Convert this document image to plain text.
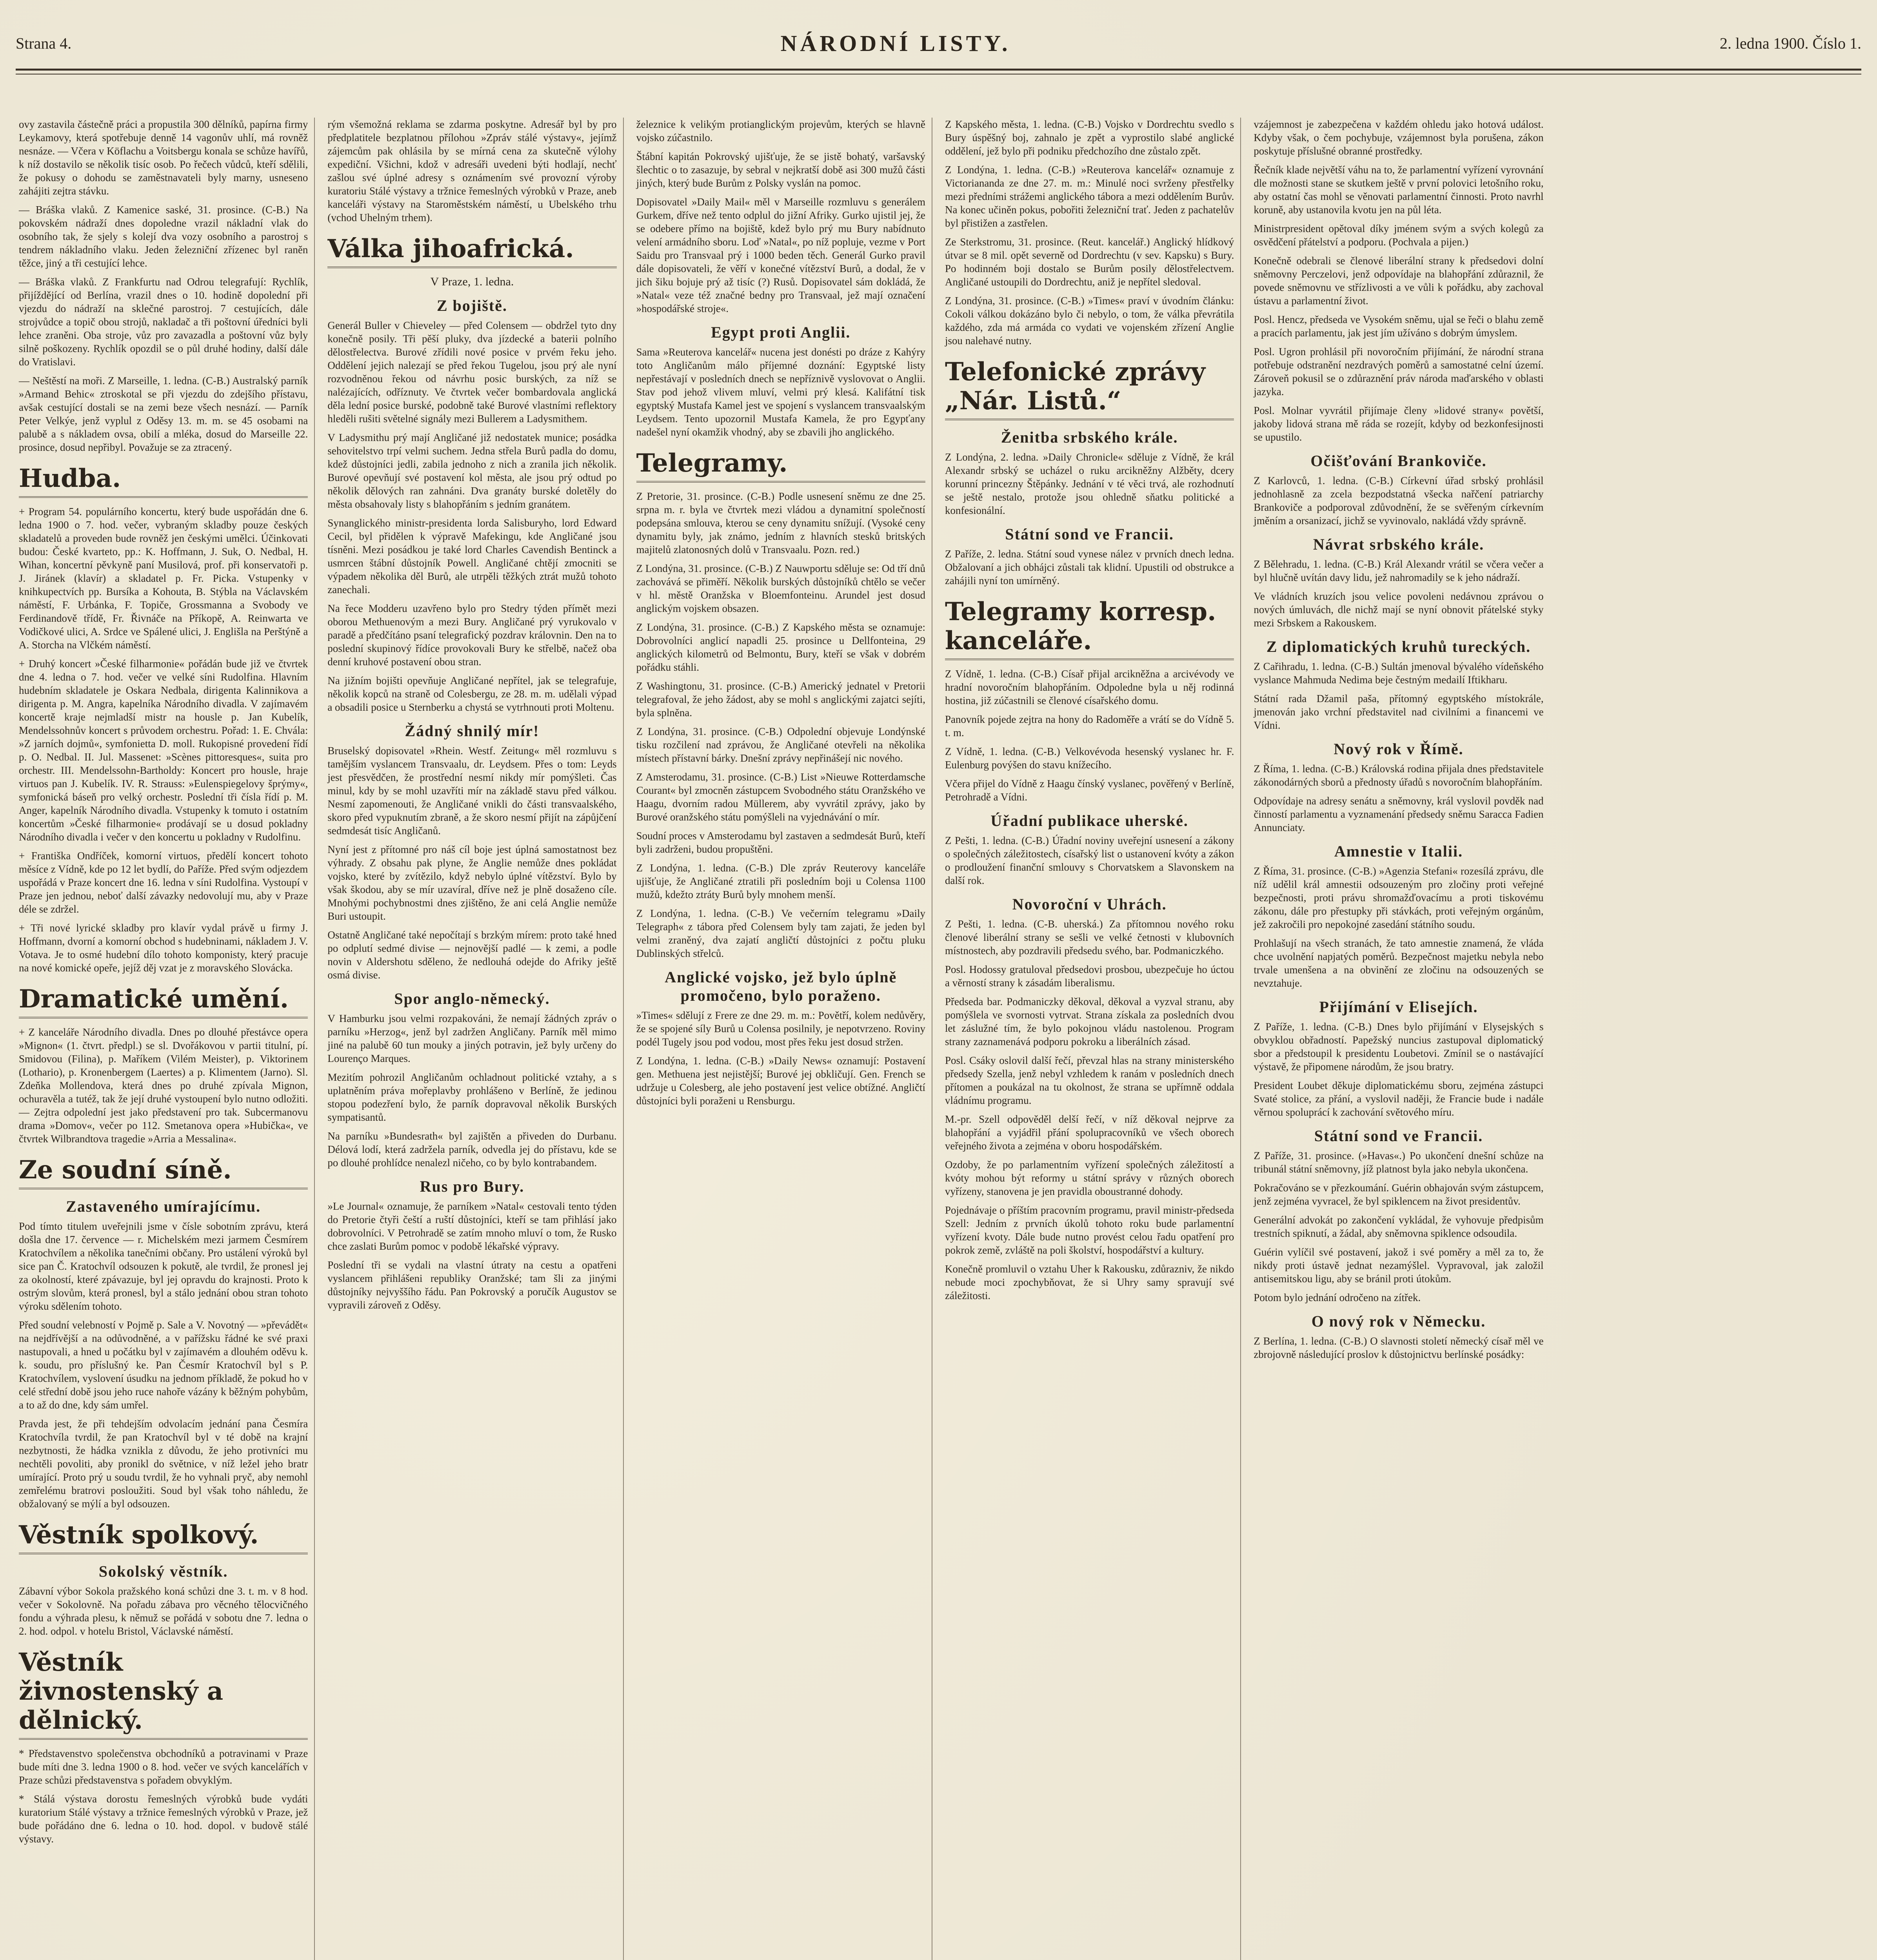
Strana 4.	NÁRODNÍ LISTY.	2. ledna 1900. Číslo 1.

ovy zastavila částečně práci a propustila 300 dělníků, papírna firmy Leykamovy, která spotřebuje denně 14 vagonův uhlí, má rovněž nesnáze. — Včera v Köflachu a Voitsbergu konala se schůze havířů, k níž dostavilo se několik tisíc osob. Po řečech vůdců, kteří sdělili, že pokusy o dohodu se zaměstnavateli byly marny, usneseno zahájiti zejtra stávku.

— Bráška vlaků. Z Kamenice saské, 31. prosince. (C-B.) Na pokovském nádraží dnes dopoledne vrazil nákladní vlak do osobního tak, že sjely s kolejí dva vozy osobního a parostroj s tendrem nákladního vlaku. Jeden železniční zřízenec byl raněn těžce, jiný a tři cestující lehce.

— Bráška vlaků. Z Frankfurtu nad Odrou telegrafují: Rychlík, přijíždějící od Berlína, vrazil dnes o 10. hodině dopolední při vjezdu do nádraží na sklečné parostroj. 7 cestujících, dále strojvůdce a topič obou strojů, nakladač a tři poštovní úředníci byli lehce zraněni. Oba stroje, vůz pro zavazadla a poštovní vůz byly silně poškozeny. Rychlík opozdil se o půl druhé hodiny, další dále do Vratislavi.

— Neštěstí na moři. Z Marseille, 1. ledna. (C-B.) Australský parník »Armand Behic« ztroskotal se při vjezdu do zdejšího přístavu, avšak cestující dostali se na zemi beze všech nesnází. — Parník Peter Velkýe, jenž vyplul z Oděsy 13. m. m. se 45 osobami na palubě a s nákladem ovsa, obilí a mléka, dosud do Marseille 22. prosince, dosud nepřibyl. Považuje se za ztracený.

Hudba.

+ Program 54. populárního koncertu, který bude uspořádán dne 6. ledna 1900 o 7. hod. večer, vybraným skladby pouze českých skladatelů a proveden bude rovněž jen českými umělci. Účinkovati budou: České kvarteto, pp.: K. Hoffmann, J. Suk, O. Nedbal, H. Wihan, koncertní pěvkyně paní Musilová, prof. při konservatoři p. J. Jiránek (klavír) a skladatel p. Fr. Picka. Vstupenky v knihkupectvích pp. Bursíka a Kohouta, B. Stýbla na Václavském náměstí, F. Urbánka, F. Topiče, Grossmanna a Svobody ve Ferdinandově třídě, Fr. Řivnáče na Příkopě, A. Reinwarta ve Vodičkové ulici, A. Srdce ve Spálené ulici, J. Englišla na Perštýně a A. Storcha na Vlčkém náměstí.

+ Druhý koncert »České filharmonie« pořádán bude již ve čtvrtek dne 4. ledna o 7. hod. večer ve velké síni Rudolfina. Hlavním hudebním skladatele je Oskara Nedbala, dirigenta Kalinnikova a dirigenta p. M. Angra, kapelníka Národního divadla. V zajímavém koncertě kraje nejmladší mistr na housle p. Jan Kubelík, Mendelssohnův koncert s průvodem orchestru. Pořad: 1. E. Chvála: »Z jarních dojmů«, symfonietta D. moll. Rukopisné provedení řídí p. O. Nedbal. II. Jul. Massenet: »Scènes pittoresques«, suita pro orchestr. III. Mendelssohn-Bartholdy: Koncert pro housle, hraje virtuos pan J. Kubelík. IV. R. Strauss: »Eulenspiegelovy šprýmy«, symfonická báseň pro velký orchestr. Poslední tři čísla řídí p. M. Anger, kapelník Národního divadla. Vstupenky k tomuto i ostatním koncertům »České filharmonie« prodávají se u dosud pokladny Národního divadla i večer v den koncertu u pokladny v Rudolfinu.

+ Františka Ondříček, komorní virtuos, předělí koncert tohoto měsíce z Vídně, kde po 12 let bydlí, do Paříže. Před svým odjezdem uspořádá v Praze koncert dne 16. ledna v síni Rudolfina. Vystoupí v Praze jen jednou, neboť další závazky nedovolují mu, aby v Praze déle se zdržel.

+ Tři nové lyrické skladby pro klavír vydal právě u firmy J. Hoffmann, dvorní a komorní obchod s hudebninami, nákladem J. V. Votava. Je to osmé hudební dílo tohoto komponisty, který pracuje na nové komické opeře, jejíž děj vzat je z moravského Slovácka.

Dramatické umění.

+ Z kanceláře Národního divadla. Dnes po dlouhé přestávce opera »Mignon« (1. čtvrt. předpl.) se sl. Dvořákovou v partii titulní, pí. Smidovou (Filina), p. Maříkem (Vilém Meister), p. Viktorinem (Lothario), p. Kronenbergem (Laertes) a p. Klimentem (Jarno). Sl. Zdeňka Mollendova, která dnes po druhé zpívala Mignon, ochuravěla a tutéž, tak že její druhé vystoupení bylo nutno odložiti. — Zejtra odpolední jest jako představení pro tak. Subcermanovu drama »Domov«, večer po 112. Smetanova opera »Hubička«, ve čtvrtek Wilbrandtova tragedie »Arria a Messalina«.

Ze soudní síně.
Zastaveného umírajícímu.

Pod tímto titulem uveřejnili jsme v čísle sobotním zprávu, která došla dne 17. července — r. Michelském mezi jarmem Česmírem Kratochvílem a několika tanečními občany. Pro ustálení výroků byl sice pan Č. Kratochvíl odsouzen k pokutě, ale tvrdil, že pronesl jej za okolností, které zpávazuje, byl jej opravdu do krajnosti. Proto k ostrým slovům, která pronesl, byl a stálo jednání obou stran tohoto výroku sdělením tohoto.

Před soudní velebností v Pojmě p. Sale a V. Novotný — »převádět« na nejdřívější a na odůvodněné, a v pařížsku řádné ke své praxi nastupovali, a hned u počátku byl v zajímavém a dlouhém oděvu k. k. soudu, pro příslušný ke. Pan Česmír Kratochvíl byl s P. Kratochvílem, vyslovení úsudku na jednom příkladě, že pokud ho v celé střední době jsou jeho ruce nahoře vázány k běžným pohybům, a to až do dne, kdy sám umřel.

Pravda jest, že při tehdejším odvolacím jednání pana Česmíra Kratochvíla tvrdil, že pan Kratochvíl byl v té době na krajní nezbytnosti, že hádka vznikla z důvodu, že jeho protivníci mu nechtěli povoliti, aby pronikl do světnice, v níž ležel jeho bratr umírající. Proto prý u soudu tvrdil, že ho vyhnali pryč, aby nemohl zemřelému bratrovi posloužiti. Soud byl však toho náhledu, že obžalovaný se mýlí a byl odsouzen.

Věstník spolkový.
Sokolský věstník.

Zábavní výbor Sokola pražského koná schůzi dne 3. t. m. v 8 hod. večer v Sokolovně. Na pořadu zábava pro věcného tělocvičného fondu a výhrada plesu, k němuž se pořádá v sobotu dne 7. ledna o 2. hod. odpol. v hotelu Bristol, Václavské náměstí.

Věstník živnostenský a dělnický.

* Představenstvo společenstva obchodníků a potravinami v Praze bude míti dne 3. ledna 1900 o 8. hod. večer ve svých kancelářích v Praze schůzi představenstva s pořadem obvyklým.

* Stálá výstava dorostu řemeslných výrobků bude vydáti kuratorium Stálé výstavy a tržnice řemeslných výrobků v Praze, jež bude pořádáno dne 6. ledna o 10. hod. dopol. v budově stálé výstavy.

rým všemožná reklama se zdarma poskytne. Adresář byl by pro předplatitele bezplatnou přílohou »Zpráv stálé výstavy«, jejímž zájemcům pak ohlásila by se mírná cena za skutečně výlohy expediční. Všichni, kdož v adresáři uvedeni býti hodlají, nechť zašlou své úplné adresy s oznámením své provozní výroby kuratoriu Stálé výstavy a tržnice řemeslných výrobků v Praze, aneb kanceláři výstavy na Staroměstském náměstí, u Ubelského trhu (vchod Uhelným trhem).

Válka jihoafrická.
V Praze, 1. ledna.
Z bojiště.

Generál Buller v Chieveley — před Colensem — obdržel tyto dny konečně posily. Tři pěší pluky, dva jízdecké a baterii polního dělostřelectva. Burové zřídili nové posice v prvém řeku jeho. Oddělení jejich nalezají se před řekou Tugelou, jsou prý ale nyní rozvodněnou řekou od návrhu posic burských, za níž se nalézajících, odříznuty. Ve čtvrtek večer bombardovala anglická děla lední posice burské, podobně také Burové vlastními reflektory hleděli rušiti světelné signály mezi Bullerem a Ladysmithem.

V Ladysmithu prý mají Angličané již nedostatek munice; posádka sehovitelstvo trpí velmi suchem. Jedna střela Burů padla do domu, kdež důstojníci jedli, zabila jednoho z nich a zranila jich několik. Burové opevňují své postavení kol města, ale jsou prý odtud po několik dělových ran zahnáni. Dva granáty burské doletěly do města obsahovaly listy s blahopřáním s jedním granátem.

Synanglického ministr-presidenta lorda Salisburyho, lord Edward Cecil, byl přidělen k výpravě Mafekingu, kde Angličané jsou tísněni. Mezi posádkou je také lord Charles Cavendish Bentinck a usmrcen štábní důstojník Powell. Angličané chtějí zmocniti se výpadem několika děl Burů, ale utrpěli těžkých ztrát mužů tohoto zanechali.

Na řece Modderu uzavřeno bylo pro Stedry týden přímět mezi oborou Methuenovým a mezi Bury. Angličané prý vyrukovalo v paradě a předčítáno psaní telegrafický pozdrav královnin. Den na to poslední skupinový řídíce provokovali Bury ke střelbě, načež oba denní kruhové postavení obou stran.

Na jižním bojišti opevňuje Angličané nepřítel, jak se telegrafuje, několik kopců na straně od Colesbergu, ze 28. m. m. udělali výpad a obsadili posice u Sternberku a chystá se vytrhnouti proti Moltenu.

Žádný shnilý mír!

Bruselský dopisovatel »Rhein. Westf. Zeitung« měl rozmluvu s tamějším vyslancem Transvaalu, dr. Leydsem. Přes o tom: Leyds jest přesvědčen, že prostřední nesmí nikdy mír pomýšleti. Čas minul, kdy by se mohl uzavříti mír na základě stavu před válkou. Nesmí zapomenouti, že Angličané vnikli do části transvaalského, skoro před vypuknutím zbraně, a že skoro nesmí přijít na zápůjčení sedmdesát tisíc Angličanů.

Nyní jest z přítomné pro náš cíl boje jest úplná samostatnost bez výhrady. Z obsahu pak plyne, že Anglie nemůže dnes pokládat vojsko, které by zvítězilo, když nebylo úplné vítězství. Bylo by však škodou, aby se mír uzavíral, dříve než je plně dosaženo cíle. Mnohými pochybnostmi dnes zjištěno, že ani celá Anglie nemůže Buri ustoupit.

Ostatně Angličané také nepočítají s brzkým mírem: proto také hned po odplutí sedmé divise — nejnovější padlé — k zemi, a podle novin v Aldershotu sděleno, že nedlouhá odejde do Afriky ještě osmá divise.

Spor anglo-německý.

V Hamburku jsou velmi rozpakováni, že nemají žádných zpráv o parníku »Herzog«, jenž byl zadržen Angličany. Parník měl mimo jiné na palubě 60 tun mouky a jiných potravin, jež byly určeny do Lourenço Marques.

Mezitím pohrozil Angličanům ochladnout politické vztahy, a s uplatněním práva mořeplavby prohlášeno v Berlíně, že jedinou stopou podezření bylo, že parník dopravoval několik Burských sympatisantů.

Na parníku »Bundesrath« byl zajištěn a přiveden do Durbanu. Délová lodí, která zadržela parník, odvedla jej do přístavu, kde se po dlouhé prohlídce nenalezl ničeho, co by bylo kontrabandem.

Rus pro Bury.

»Le Journal« oznamuje, že parníkem »Natal« cestovali tento týden do Pretorie čtyři čeští a ruští důstojníci, kteří se tam přihlásí jako dobrovolníci. V Petrohradě se zatím mnoho mluví o tom, že Rusko chce zaslati Burům pomoc v podobě lékařské výpravy.

Poslední tři se vydali na vlastní útraty na cestu a opatřeni vyslancem přihlášeni republiky Oranžské; tam šli za jinými důstojníky nejvyššího řádu. Pan Pokrovský a poručík Augustov se vypravili zároveň z Oděsy.

železnice k velikým protianglickým projevům, kterých se hlavně vojsko zúčastnilo.

Štábní kapitán Pokrovský ujišťuje, že se jistě bohatý, varšavský šlechtic o to zasazuje, by sebral v nejkratší době asi 300 mužů části jiných, který bude Burům z Polsky vyslán na pomoc.

Dopisovatel »Daily Mail« měl v Marseille rozmluvu s generálem Gurkem, dříve než tento odplul do jižní Afriky. Gurko ujistil jej, že se odebere přímo na bojiště, kdež bylo prý mu Bury nabídnuto velení armádního sboru. Loď »Natal«, po níž popluje, vezme v Port Saidu pro Transvaal prý i 1000 beden těch. Generál Gurko pravil dále dopisovateli, že věří v konečné vítězství Burů, a dodal, že v jich šiku bojuje prý až tisíc (?) Rusů. Dopisovatel sám dokládá, že »Natal« veze též značné bedny pro Transvaal, jež mají označení »hospodářské stroje«.

Egypt proti Anglii.

Sama »Reuterova kancelář« nucena jest donésti po dráze z Kahýry toto Angličanům málo příjemné doznání: Egyptské listy nepřestávají v posledních dnech se nepříznivě vyslovovat o Anglii. Stav pod jehož vlivem mluví, velmi prý klesá. Kalifátní tisk egyptský Mustafa Kamel jest ve spojení s vyslancem transvaalským Leydsem. Tento upozornil Mustafa Kamela, že pro Egypťany nadešel nyní okamžik vhodný, aby se zbavili jho anglického.

Telegramy.

Z Pretorie, 31. prosince. (C-B.) Podle usnesení sněmu ze dne 25. srpna m. r. byla ve čtvrtek mezi vládou a dynamitní společností podepsána smlouva, kterou se ceny dynamitu snížují. (Vysoké ceny dynamitu byly, jak známo, jedním z hlavních stesků britských majitelů zlatonosných dolů v Transvaalu. Pozn. red.)

Z Londýna, 31. prosince. (C-B.) Z Nauwportu sděluje se: Od tří dnů zachovává se přiměří. Několik burských důstojníků chtělo se večer v hl. městě Oranžska v Bloemfonteinu. Arundel jest dosud anglickým vojskem obsazen.

Z Londýna, 31. prosince. (C-B.) Z Kapského města se oznamuje: Dobrovolníci anglicí napadli 25. prosince u Dellfonteina, 29 anglických kilometrů od Belmontu, Bury, kteří se však v dobrém pořádku stáhli.

Z Washingtonu, 31. prosince. (C-B.) Americký jednatel v Pretorii telegrafoval, že jeho žádost, aby se mohl s anglickými zajatci sejíti, byla splněna.

Z Londýna, 31. prosince. (C-B.) Odpolední objevuje Londýnské tisku rozčilení nad zprávou, že Angličané otevřeli na několika místech přístavní bárky. Dnešní zprávy nepřinášejí nic nového.

Z Amsterodamu, 31. prosince. (C-B.) List »Nieuwe Rotterdamsche Courant« byl zmocněn zástupcem Svobodného státu Oranžského ve Haagu, dvorním radou Müllerem, aby vyvrátil zprávy, jako by Burové oranžského státu pomýšleli na vyjednávání o mír.

Soudní proces v Amsterodamu byl zastaven a sedmdesát Burů, kteří byli zadrženi, budou propuštěni.

Z Londýna, 1. ledna. (C-B.) Dle zpráv Reuterovy kanceláře ujišťuje, že Angličané ztratili při posledním boji u Colensa 1100 mužů, kdežto ztráty Burů byly mnohem menší.

Z Londýna, 1. ledna. (C-B.) Ve večerním telegramu »Daily Telegraph« z tábora před Colensem byly tam zajati, že jeden byl velmi zraněný, dva zajatí angličtí důstojníci z počtu pluku Dublinských střelců.

Anglické vojsko, jež bylo úplně promočeno, bylo poraženo.

»Times« sdělují z Frere ze dne 29. m. m.: Povětří, kolem nedůvěry, že se spojené síly Burů u Colensa posilnily, je nepotvrzeno. Roviny podél Tugely jsou pod vodou, most přes řeku jest dosud stržen.

Z Londýna, 1. ledna. (C-B.) »Daily News« oznamují: Postavení gen. Methuena jest nejistější; Burové jej obkličují. Gen. French se udržuje u Colesberg, ale jeho postavení jest velice obtížné. Angličtí důstojníci byli poraženi u Rensburgu.

Z Kapského města, 1. ledna. (C-B.) Vojsko v Dordrechtu svedlo s Bury úspěšný boj, zahnalo je zpět a vyprostilo slabé anglické oddělení, jež bylo při podniku předchozího dne zůstalo zpět.

Z Londýna, 1. ledna. (C-B.) »Reuterova kancelář« oznamuje z Victoriananda ze dne 27. m. m.: Minulé noci svrženy přestřelky mezi předními strážemi anglického tábora a mezi oddělením Burův. Na konec učiněn pokus, pobořiti železniční trať. Jeden z pachatelův byl přistižen a zastřelen.

Ze Sterkstromu, 31. prosince. (Reut. kancelář.) Anglický hlídkový útvar se 8 mil. opět severně od Dordrechtu (v sev. Kapsku) s Bury. Po hodinném boji dostalo se Burům posily dělostřelectvem. Angličané ustoupili do Dordrechtu, aniž je nepřítel sledoval.

Z Londýna, 31. prosince. (C-B.) »Times« praví v úvodním článku: Cokoli válkou dokázáno bylo či nebylo, o tom, že válka převrátila každého, zda má armáda co vydati ve vojenském zřízení Anglie jsou nalehavé nutny.

Telefonické zprávy „Nár. Listů.“
Ženitba srbského krále.

Z Londýna, 2. ledna. »Daily Chronicle« sděluje z Vídně, že král Alexandr srbský se ucházel o ruku arcikněžny Alžběty, dcery korunní princezny Štěpánky. Jednání v té věci trvá, ale rozhodnutí se ještě nestalo, protože jsou ohledně sňatku politické a konfesionální.

Státní sond ve Francii.

Z Paříže, 2. ledna. Státní soud vynese nález v prvních dnech ledna. Obžalovaní a jich obhájci zůstali tak klidní. Upustili od obstrukce a zahájili nyní ton umírněný.

Telegramy korresp. kanceláře.

Z Vídně, 1. ledna. (C-B.) Císař přijal arcikněžna a arcivévody ve hradní novoročním blahopřáním. Odpoledne byla u něj rodinná hostina, již zúčastnili se členové císařského domu.

Panovník pojede zejtra na hony do Radoměře a vrátí se do Vídně 5. t. m.

Z Vídně, 1. ledna. (C-B.) Velkovévoda hesenský vyslanec hr. F. Eulenburg povýšen do stavu knížecího.

Včera přijel do Vídně z Haagu čínský vyslanec, pověřený v Berlíně, Petrohradě a Vídni.

Úřadní publikace uherské.

Z Pešti, 1. ledna. (C-B.) Úřadní noviny uveřejní usnesení a zákony o společných záležitostech, císařský list o ustanovení kvóty a zákon o prodloužení finanční smlouvy s Chorvatskem a Slavonskem na další rok.

Novoroční v Uhrách.

Z Pešti, 1. ledna. (C-B. uherská.) Za přítomnou nového roku členové liberální strany se sešli ve velké četnosti v klubovních místnostech, aby pozdravili předsedu svého, bar. Podmaniczkého.

Posl. Hodossy gratuloval předsedovi prosbou, ubezpečuje ho úctou a věrností strany k zásadám liberalismu.

Předseda bar. Podmaniczky děkoval, děkoval a vyzval stranu, aby pomýšlela ve svornosti vytrvat. Strana získala za posledních dvou let záslužné tím, že bylo pokojnou vládu nastolenou. Program strany zaznamenává podporu pokroku a liberálních zásad.

Posl. Csáky oslovil další řečí, převzal hlas na strany ministerského předsedy Szella, jenž nebyl vzhledem k ranám v posledních dnech přítomen a poukázal na tu okolnost, že strana se upřímně oddala vládnímu programu.

M.-pr. Szell odpověděl delší řečí, v níž děkoval nejprve za blahopřání a vyjádřil přání spolupracovníků ve všech oborech veřejného života a zejména v oboru hospodářském.

Ozdoby, že po parlamentním vyřízení společných záležitostí a kvóty mohou být reformy u státní správy v různých oborech vyřízeny, stanovena je jen pravidla oboustranné dohody.

Pojednávaje o příštím pracovním programu, pravil ministr-předseda Szell: Jedním z prvních úkolů tohoto roku bude parlamentní vyřízení kvoty. Dále bude nutno provést celou řadu opatření pro pokrok země, zvláště na poli školství, hospodářství a kultury.

Konečně promluvil o vztahu Uher k Rakousku, zdůrazniv, že nikdo nebude moci zpochybňovat, že si Uhry samy spravují své záležitosti.

vzájemnost je zabezpečena v každém ohledu jako hotová událost. Kdyby však, o čem pochybuje, vzájemnost byla porušena, zákon poskytuje příslušné obranné prostředky.

Řečník klade největší váhu na to, že parlamentní vyřízení vyrovnání dle možnosti stane se skutkem ještě v první polovici letošního roku, aby ostatní čas mohl se věnovati parlamentní činnosti. Proto navrhl koruně, aby ustanovila kvotu jen na půl léta.

Ministrpresident opětoval díky jménem svým a svých kolegů za osvědčení přátelství a podporu. (Pochvala a pijen.)

Konečně odebrali se členové liberální strany k předsedovi dolní sněmovny Perczelovi, jenž odpovídaje na blahopřání zdůraznil, že povede sněmovnu ve střízlivosti a ve vůli k pořádku, aby zachoval ústavu a parlamentní život.

Posl. Hencz, předseda ve Vysokém sněmu, ujal se řeči o blahu země a pracích parlamentu, jak jest jím užíváno s dobrým úmyslem.

Posl. Ugron prohlásil při novoročním přijímání, že národní strana potřebuje odstranění nezdravých poměrů a samostatné celní území. Zároveň pokusil se o zdůraznění práv národa maďarského v oblasti jazyka.

Posl. Molnar vyvrátil přijímaje členy »lidové strany« povětší, jakoby lidová strana mě ráda se rozejít, kdyby od bezkonfesijnosti se upustilo.

Očišťování Brankoviče.

Z Karlovců, 1. ledna. (C-B.) Církevní úřad srbský prohlásil jednohlasně za zcela bezpodstatná všecka nařčení patriarchy Brankoviče a podporoval zdůvodnění, že se svěřeným církevním jměním a orsanizací, jichž se vyvinovalo, nakládá vždy správně.

Návrat srbského krále.

Z Bělehradu, 1. ledna. (C-B.) Král Alexandr vrátil se včera večer a byl hlučně uvítán davy lidu, jež nahromadily se k jeho nádraží.

Ve vládních kruzích jsou velice povoleni nedávnou zprávou o nových úmluvách, dle nichž mají se nyní obnovit přátelské styky mezi Srbskem a Rakouskem.

Z diplomatických kruhů tureckých.

Z Cařihradu, 1. ledna. (C-B.) Sultán jmenoval bývalého vídeňského vyslance Mahmuda Nedima beje čestným medailí Iftikharu.

Státní rada Džamil paša, přítomný egyptského místokrále, jmenován jako vrchní představitel nad civilními a financemi ve Vídni.

Nový rok v Římě.

Z Říma, 1. ledna. (C-B.) Královská rodina přijala dnes představitele zákonodárných sborů a přednosty úřadů s novoročním blahopřáním.

Odpovídaje na adresy senátu a sněmovny, král vyslovil povděk nad činností parlamentu a vyznamenání předsedy sněmu Saracca Fadien Annunciaty.

Amnestie v Italii.

Z Říma, 31. prosince. (C-B.) »Agenzia Stefani« rozesílá zprávu, dle níž udělil král amnestii odsouzeným pro zločiny proti veřejné bezpečnosti, proti právu shromažďovacímu a proti tiskovému zákonu, dále pro přestupky při stávkách, proti veřejným orgánům, jež zakročili pro nepokojné zasedání státního soudu.

Prohlašují na všech stranách, že tato amnestie znamená, že vláda chce uvolnění napjatých poměrů. Bezpečnost majetku nebyla nebo trvale umenšena a na obvinění ze zločinu na odsouzených se nevztahuje.

Přijímání v Elisejích.

Z Paříže, 1. ledna. (C-B.) Dnes bylo přijímání v Elysejských s obvyklou obřadností. Papežský nuncius zastupoval diplomatický sbor a předstoupil k presidentu Loubetovi. Zmínil se o nastávající výstavě, že připomene národům, že jsou bratry.

President Loubet děkuje diplomatickému sboru, zejména zástupci Svaté stolice, za přání, a vyslovil naději, že Francie bude i nadále věrnou spoluprácí k zachování světového míru.

Státní sond ve Francii.

Z Paříže, 31. prosince. (»Havas«.) Po ukončení dnešní schůze na tribunál státní sněmovny, jíž platnost byla jako nebyla ukončena.

Pokračováno se v přezkoumání. Guérin obhajován svým zástupcem, jenž zejména vyvracel, že byl spiklencem na život presidentův.

Generální advokát po zakončení vykládal, že vyhovuje předpisům trestních spiknutí, a žádal, aby sněmovna spiklence odsoudila.

Guérin vylíčil své postavení, jakož i své poměry a měl za to, že nikdy proti ústavě jednat nezamýšlel. Vypravoval, jak založil antisemitskou ligu, aby se bránil proti útokům.

Potom bylo jednání odročeno na zítřek.

O nový rok v Německu.

Z Berlína, 1. ledna. (C-B.) O slavnosti století německý císař měl ve zbrojovně následující proslov k důstojnictvu berlínské posádky:
